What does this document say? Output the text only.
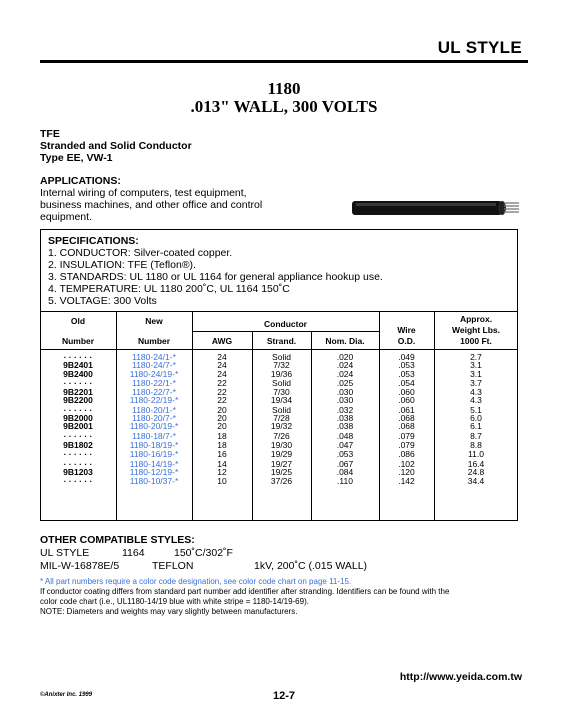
UL STYLE
1180
.013" WALL, 300 VOLTS
TFE
Stranded and Solid Conductor
Type EE, VW-1
APPLICATIONS:
Internal wiring of computers, test equipment,
business machines, and other office and control
equipment.
SPECIFICATIONS:
1. CONDUCTOR: Silver-coated copper.
2. INSULATION: TFE (Teflon®).
3. STANDARDS: UL 1180 or UL 1164 for general appliance hookup use.
4. TEMPERATURE: UL 1180 200˚C, UL 1164 150˚C
5. VOLTAGE: 300 Volts
Old
Number
New
Number
Conductor
AWG	Strand.	Nom. Dia.
Wire
O.D.
Approx.
Weight Lbs.
1000 Ft.
· · · · · ·	1180-24/1-*	24	Solid	.020	.049	2.7
9B2401	1180-24/7-*	24	7/32	.024	.053	3.1
9B2400	1180-24/19-*	24	19/36	.024	.053	3.1
· · · · · ·	1180-22/1-*	22	Solid	.025	.054	3.7
9B2201	1180-22/7-*	22	7/30	.030	.060	4.3
9B2200	1180-22/19-*	22	19/34	.030	.060	4.3
· · · · · ·	1180-20/1-*	20	Solid	.032	.061	5.1
9B2000	1180-20/7-*	20	7/28	.038	.068	6.0
9B2001	1180-20/19-*	20	19/32	.038	.068	6.1
· · · · · ·	1180-18/7-*	18	7/26	.048	.079	8.7
9B1802	1180-18/19-*	18	19/30	.047	.079	8.8
· · · · · ·	1180-16/19-*	16	19/29	.053	.086	11.0
· · · · · ·	1180-14/19-*	14	19/27	.067	.102	16.4
9B1203	1180-12/19-*	12	19/25	.084	.120	24.8
· · · · · ·	1180-10/37-*	10	37/26	.110	.142	34.4
OTHER COMPATIBLE STYLES:
UL STYLE	1164	150˚C/302˚F
MIL-W-16878E/5	TEFLON	1kV, 200˚C (.015 WALL)
* All part numbers require a color code designation, see color code chart on page 11-15.
If conductor coating differs from standard part number add identifier after stranding. Identifiers can be found with the
color code chart (i.e., UL1180-14/19 blue with white stripe = 1180-14/19-69).
NOTE: Diameters and weights may vary slightly between manufacturers.
http://www.yeida.com.tw
©Anixter Inc. 1999	12-7
